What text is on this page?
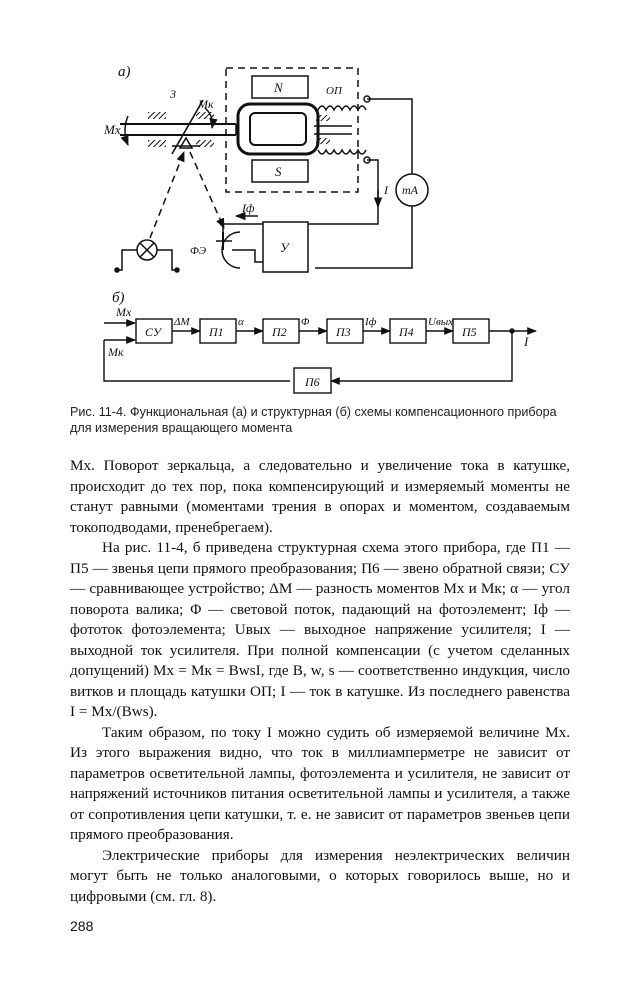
а)
3
Mк
Mx
N
S
ОП
I mA
Iф
ФЭ	У
б)
Mx
Mк
СУ
ΔM
П1
α
П2
Φ
П3
Iф
П4
Uвых
П5
П6
I
Рис. 11-4. Функциональная (а) и структурная (б) схемы компенсационного прибора для измерения вращающего момента

Mx. Поворот зеркальца, а следовательно и увеличение тока в катушке, происходит до тех пор, пока компенсирующий и измеряемый моменты не станут равными (моментами трения в опорах и моментом, создаваемым токоподводами, пренебрегаем).

На рис. 11-4, б приведена структурная схема этого прибора, где П1 — П5 — звенья цепи прямого преобразования; П6 — звено обратной связи; СУ — сравнивающее устройство; ΔM — разность моментов Mx и Mк; α — угол поворота валика; Φ — световой поток, падающий на фотоэлемент; Iф — фототок фотоэлемента; Uвых — выходное напряжение усилителя; I — выходной ток усилителя. При полной компенсации (с учетом сделанных допущений) Mx = Mк = BwsI, где B, w, s — соответственно индукция, число витков и площадь катушки ОП; I — ток в катушке. Из последнего равенства I = Mx/(Bws).

Таким образом, по току I можно судить об измеряемой величине Mx. Из этого выражения видно, что ток в миллиамперметре не зависит от параметров осветительной лампы, фотоэлемента и усилителя, не зависит от напряжений источников питания осветительной лампы и усилителя, а также от сопротивления цепи катушки, т. е. не зависит от параметров звеньев цепи прямого преобразования.

Электрические приборы для измерения неэлектрических величин могут быть не только аналоговыми, о которых говорилось выше, но и цифровыми (см. гл. 8).

288
